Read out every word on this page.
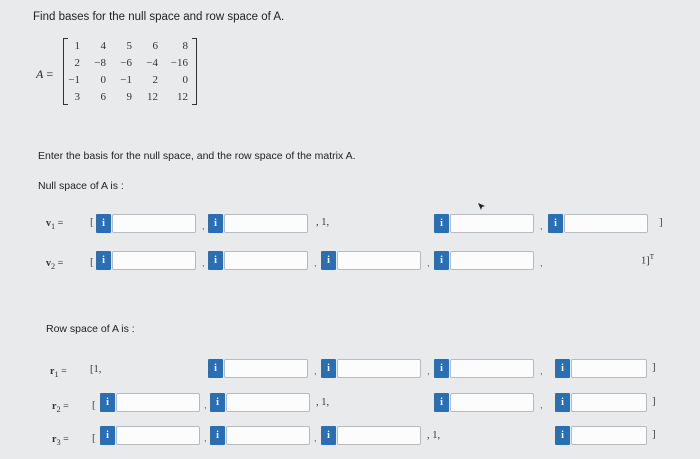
Find bases for the null space and row space of A.
A =
1	4	5	6	8
2	−8	−6	−4	−16
−1	0	−1	2	0
3	6	9	12	12
Enter the basis for the null space, and the row space of the matrix A.
Null space of A is :
$v_1$ = [ i	, i	, 1,	i	,	i	]
$v_2$ = [ i	, i	,	i	,	i	,	1]$^T$
Row space of A is :
$r_1 = [1$,	i	,	i	,	i	,	i	]
$r_2$ = [	i	, i	, 1,	i	,	i	]
$r_3$ = [	i	, i	,	i	, 1,	i	]
